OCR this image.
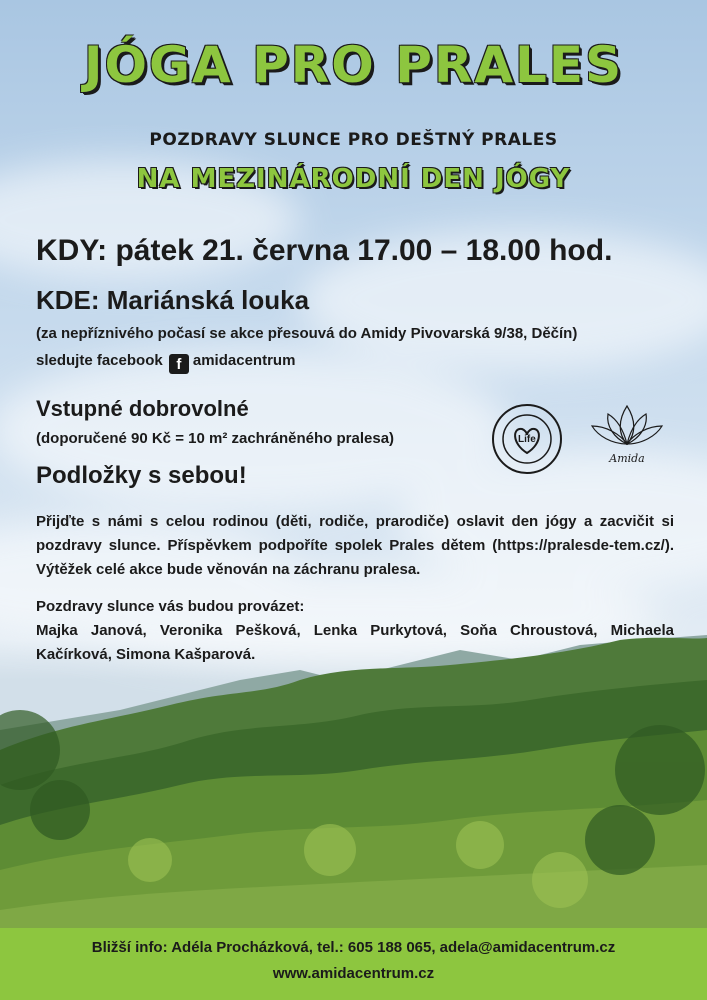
JÓGA PRO PRALES
POZDRAVY SLUNCE PRO DEŠTNÝ PRALES
NA MEZINÁRODNÍ DEN JÓGY
KDY: pátek 21. června 17.00 – 18.00 hod.
KDE: Mariánská louka
(za nepříznivého počasí se akce přesouvá do Amidy Pivovarská 9/38, Děčín)
sledujte facebook f amidacentrum
Vstupné dobrovolné
(doporučené 90 Kč = 10 m² zachráněného pralesa)	Life
Amida
Podložky s sebou!
Přijďte s námi s celou rodinou (děti, rodiče, prarodiče) oslavit den jógy a zacvičit si pozdravy slunce. Příspěvkem podpoříte spolek Prales dětem (https://pralesde-tem.cz/). Výtěžek celé akce bude věnován na záchranu pralesa.
Pozdravy slunce vás budou provázet:
Majka Janová, Veronika Pešková, Lenka Purkytová, Soňa Chroustová, Michaela Kačírková, Simona Kašparová.
Bližší info: Adéla Procházková, tel.: 605 188 065, adela@amidacentrum.cz
www.amidacentrum.cz
